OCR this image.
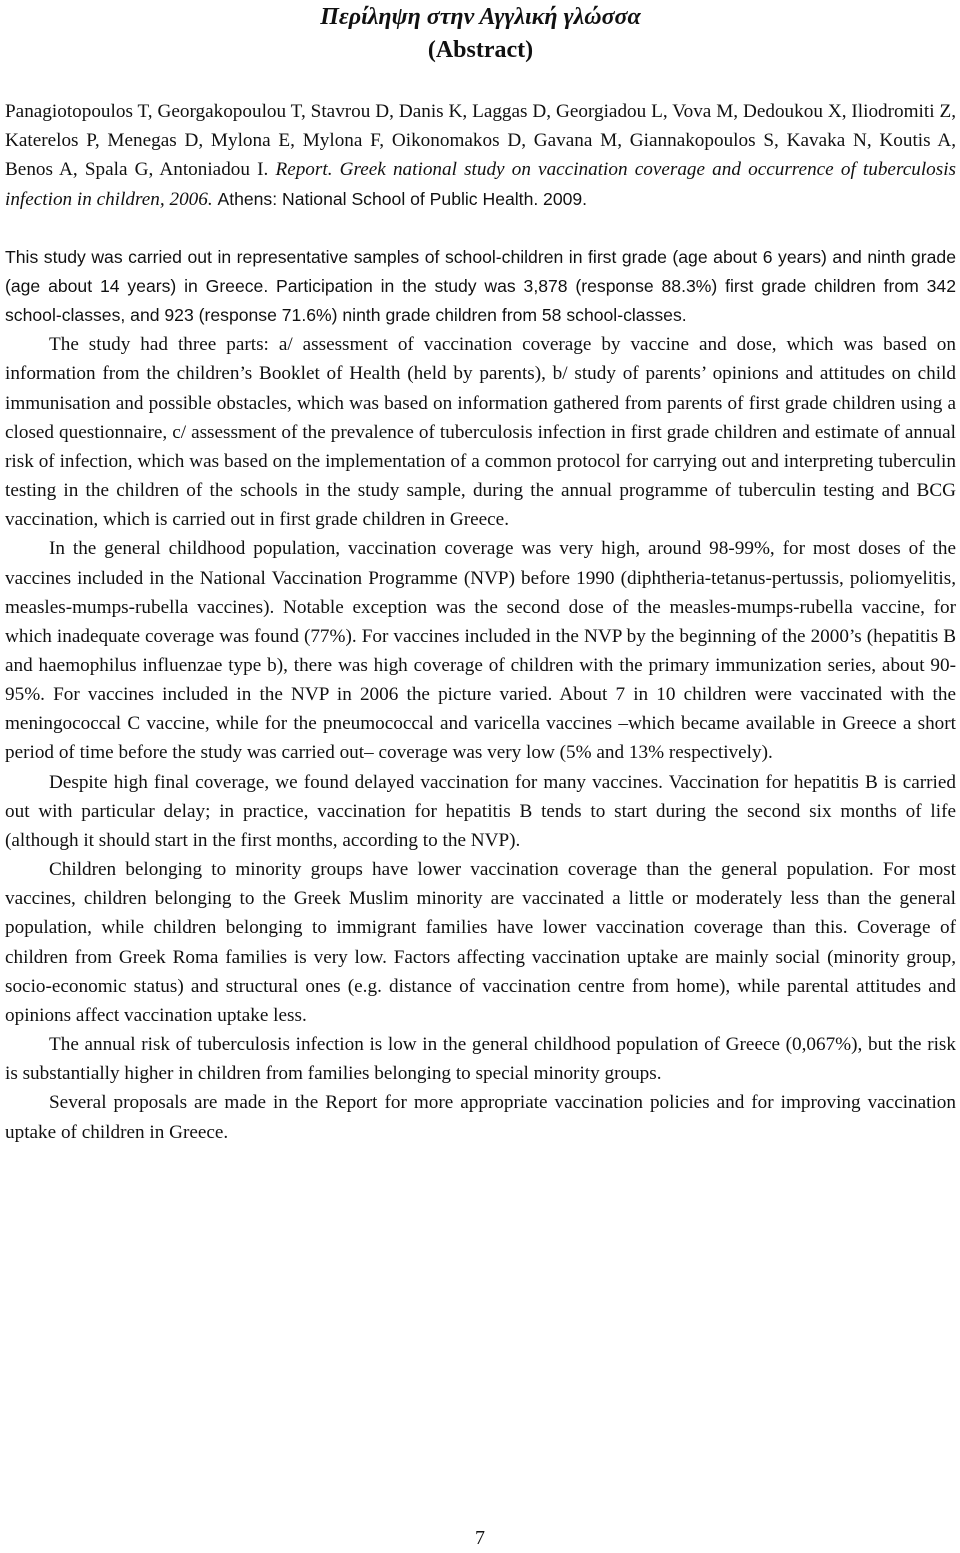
Περίληψη στην Αγγλική γλώσσα
(Abstract)
Panagiotopoulos T, Georgakopoulou T, Stavrou D, Danis K, Laggas D, Georgiadou L, Vova M, Dedoukou X, Iliodromiti Z, Katerelos P, Menegas D, Mylona E, Mylona F, Oikonomakos D, Gavana M, Giannakopoulos S, Kavaka N, Koutis A, Benos A, Spala G, Antoniadou I. Report. Greek national study on vaccination coverage and occurrence of tuberculosis infection in children, 2006. Athens: National School of Public Health. 2009.

This study was carried out in representative samples of school-children in first grade (age about 6 years) and ninth grade (age about 14 years) in Greece. Participation in the study was 3,878 (response 88.3%) first grade children from 342 school-classes, and 923 (response 71.6%) ninth grade children from 58 school-classes.

The study had three parts: a/ assessment of vaccination coverage by vaccine and dose, which was based on information from the children’s Booklet of Health (held by parents), b/ study of parents’ opinions and attitudes on child immunisation and possible obstacles, which was based on information gathered from parents of first grade children using a closed questionnaire, c/ assessment of the prevalence of tuberculosis infection in first grade children and estimate of annual risk of infection, which was based on the implementation of a common protocol for carrying out and interpreting tuberculin testing in the children of the schools in the study sample, during the annual programme of tuberculin testing and BCG vaccination, which is carried out in first grade children in Greece.

In the general childhood population, vaccination coverage was very high, around 98-99%, for most doses of the vaccines included in the National Vaccination Programme (NVP) before 1990 (diphtheria-tetanus-pertussis, poliomyelitis, measles-mumps-rubella vaccines). Notable exception was the second dose of the measles-mumps-rubella vaccine, for which inadequate coverage was found (77%). For vaccines included in the NVP by the beginning of the 2000’s (hepatitis B and haemophilus influenzae type b), there was high coverage of children with the primary immunization series, about 90-95%. For vaccines included in the NVP in 2006 the picture varied. About 7 in 10 children were vaccinated with the meningococcal C vaccine, while for the pneumococcal and varicella vaccines –which became available in Greece a short period of time before the study was carried out– coverage was very low (5% and 13% respectively).

Despite high final coverage, we found delayed vaccination for many vaccines. Vaccination for hepatitis B is carried out with particular delay; in practice, vaccination for hepatitis B tends to start during the second six months of life (although it should start in the first months, according to the NVP).

Children belonging to minority groups have lower vaccination coverage than the general population. For most vaccines, children belonging to the Greek Muslim minority are vaccinated a little or moderately less than the general population, while children belonging to immigrant families have lower vaccination coverage than this. Coverage of children from Greek Roma families is very low. Factors affecting vaccination uptake are mainly social (minority group, socio-economic status) and structural ones (e.g. distance of vaccination centre from home), while parental attitudes and opinions affect vaccination uptake less.

The annual risk of tuberculosis infection is low in the general childhood population of Greece (0,067%), but the risk is substantially higher in children from families belonging to special minority groups.

Several proposals are made in the Report for more appropriate vaccination policies and for improving vaccination uptake of children in Greece.

7
